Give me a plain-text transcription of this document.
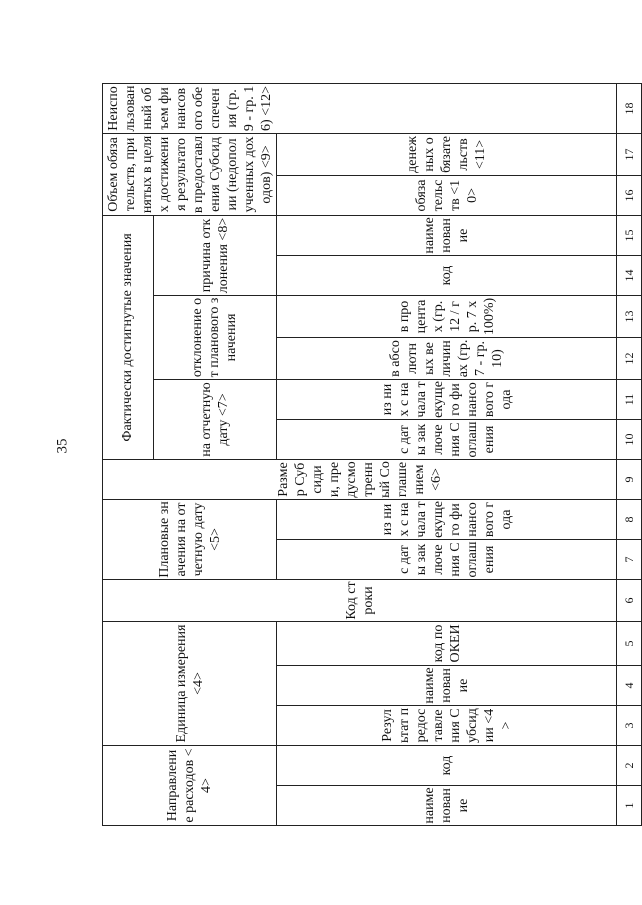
35
Направление расходов <4>		Единица измерения <4>			Код строки	Плановые значения на отчетную дату <5>		Размер Субсидии, предусмотренный Соглашением <6>	Фактически достигнутые значения						Объем обязательств, принятых в целях достижения результатов предоставления Субсидии (недополученных доходов) <9>		Неиспользованный объем финансового обеспечения (гр. 9 - гр. 16) <12>
									на отчетную дату <7>		отклонение от планового значения		причина отклонения <8>				
наименование	код	Результат предоставления Субсидии <4>	наименование	код по ОКЕИ		с даты заключения Соглашения	из них с начала текущего финансового года		с даты заключения Соглашения	из них с начала текущего финансового года	в абсолютных величинах (гр. 7 - гр. 10)	в процентах (гр. 12 / гр. 7 x 100%)	код	наименование	обязательств <10>	денежных обязательств <11>	
1	2	3	4	5	6	7	8	9	10	11	12	13	14	15	16	17	18
